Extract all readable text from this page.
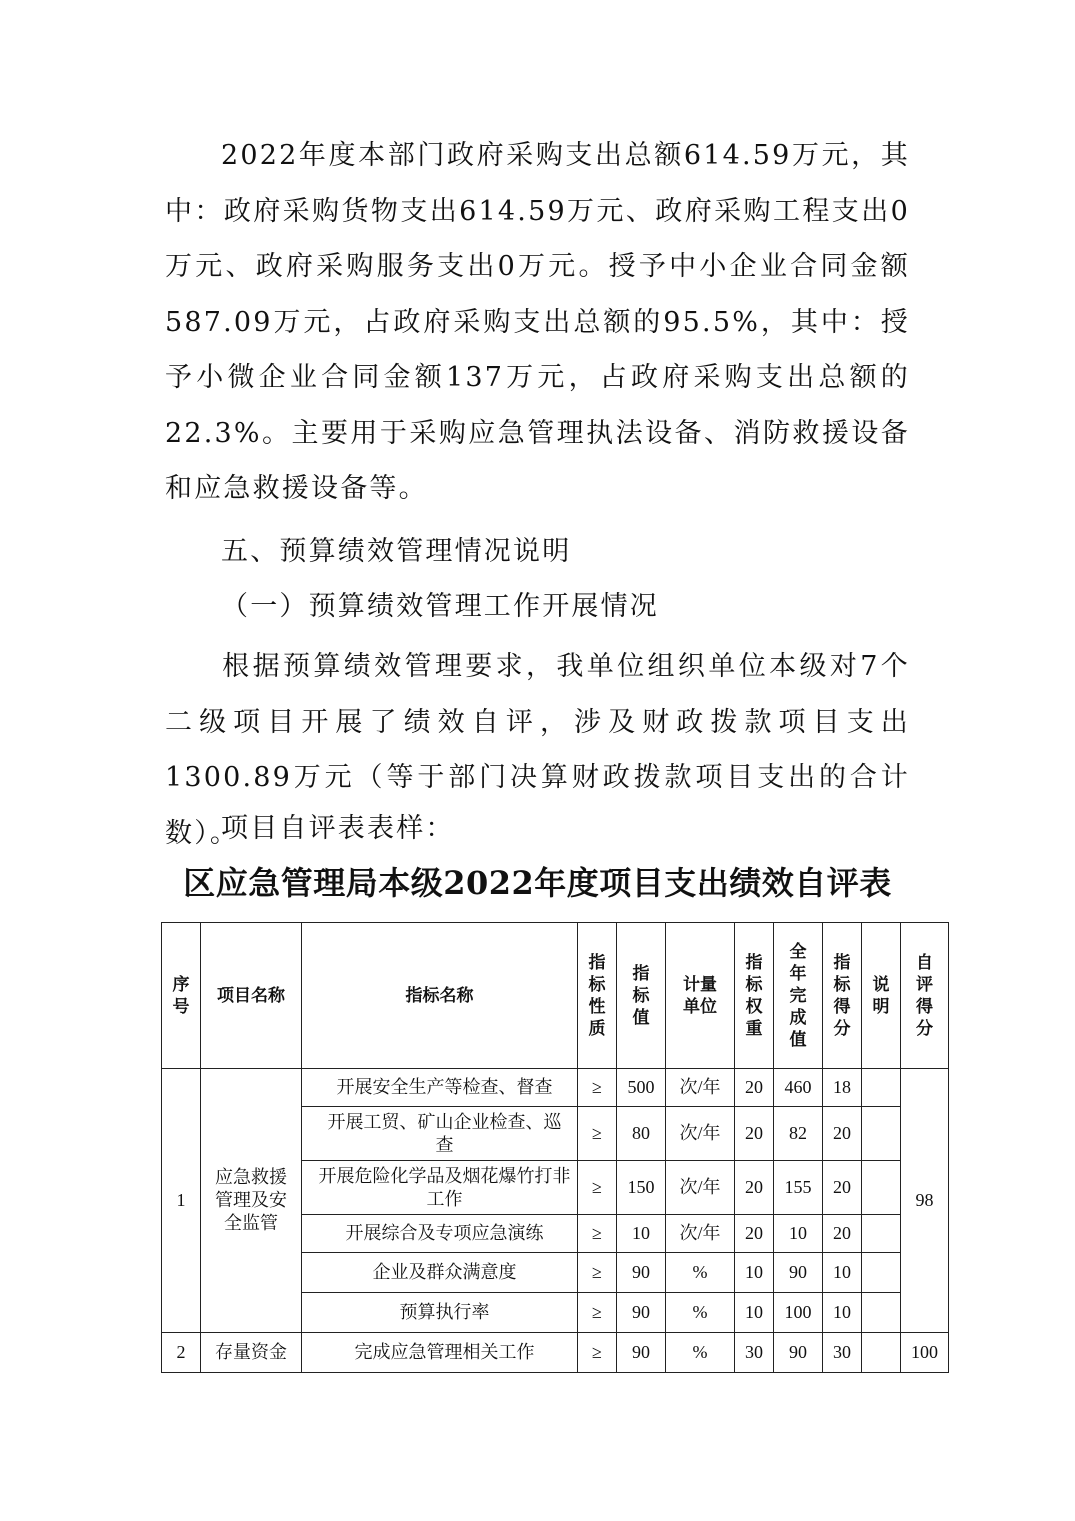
2022年度本部门政府采购支出总额614.59万元，其中：政府采购货物支出614.59万元、政府采购工程支出0万元、政府采购服务支出0万元。授予中小企业合同金额587.09万元，占政府采购支出总额的95.5%，其中：授予小微企业合同金额137万元，占政府采购支出总额的22.3%。主要用于采购应急管理执法设备、消防救援设备和应急救援设备等。

五、预算绩效管理情况说明

（一）预算绩效管理工作开展情况

根据预算绩效管理要求，我单位组织单位本级对7个二级项目开展了绩效自评，涉及财政拨款项目支出1300.89万元（等于部门决算财政拨款项目支出的合计数）。

项目自评表表样：

区应急管理局本级2022年度项目支出绩效自评表
序号	项目名称	指标名称	指标性质	指标值	计量单位	指标权重	全年完成值	指标得分	说明	自评得分
1	应急救援管理及安全监管	开展安全生产等检查、督查	≥	500	次/年	20	460	18		98
		开展工贸、矿山企业检查、巡查	≥	80	次/年	20	82	20		
		开展危险化学品及烟花爆竹打非工作	≥	150	次/年	20	155	20		
		开展综合及专项应急演练	≥	10	次/年	20	10	20		
		企业及群众满意度	≥	90	%	10	90	10		
		预算执行率	≥	90	%	10	100	10		
2	存量资金	完成应急管理相关工作	≥	90	%	30	90	30		100
